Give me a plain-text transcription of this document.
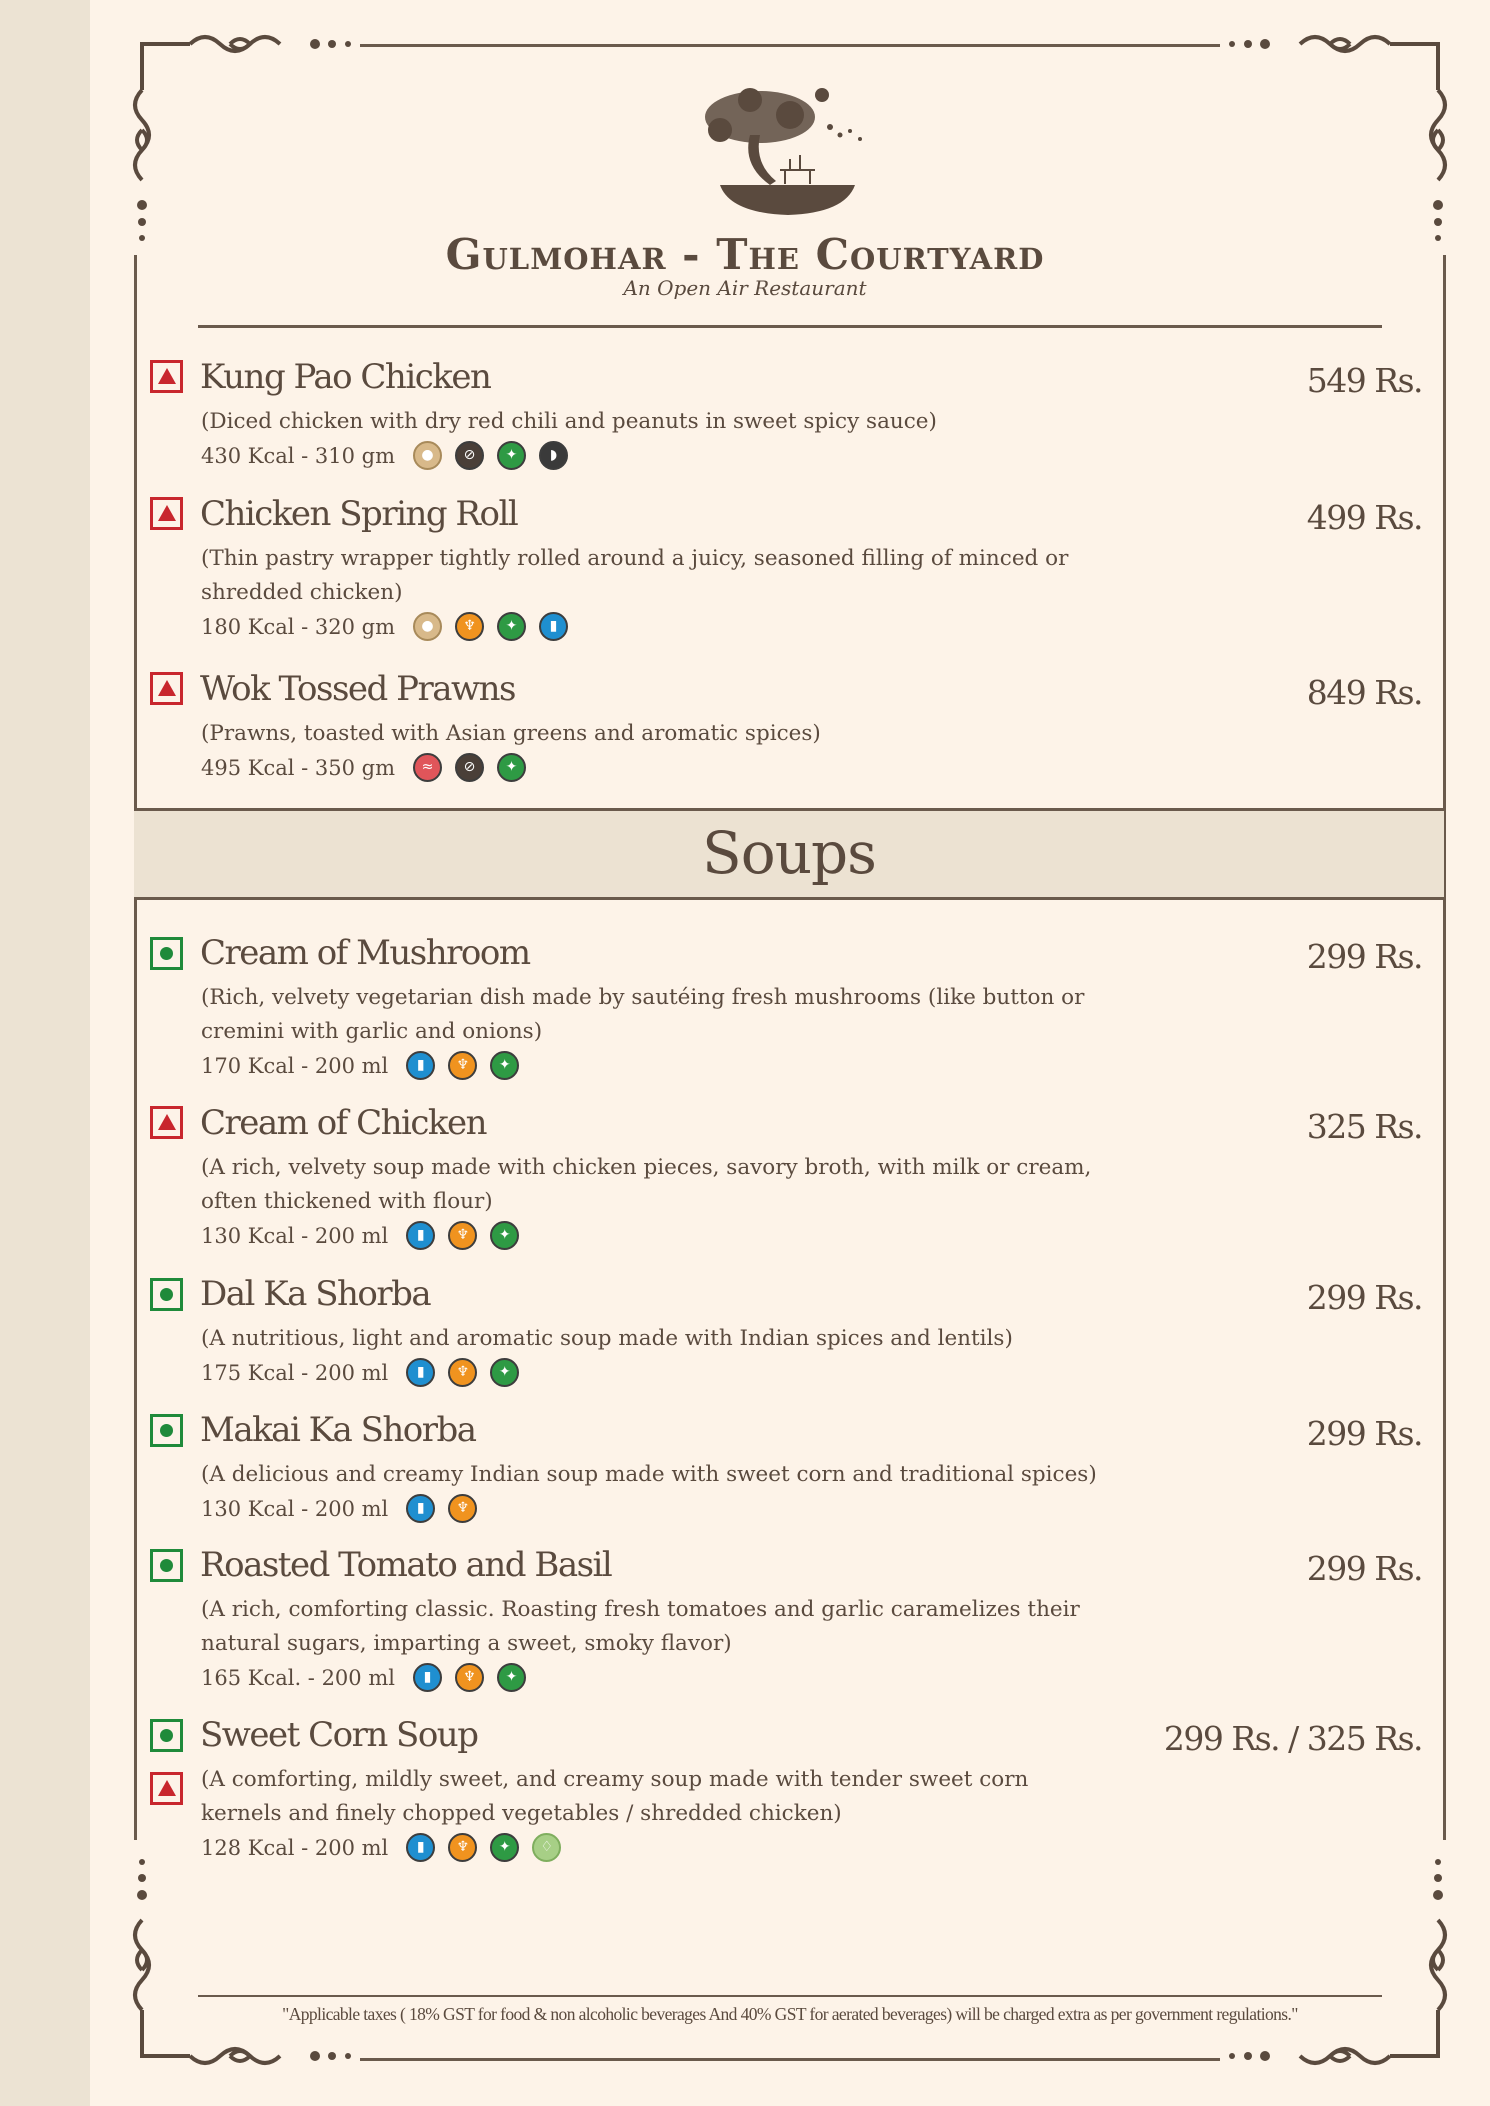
Gulmohar - The Courtyard
An Open Air Restaurant
Kung Pao Chicken	549 Rs.
(Diced chicken with dry red chili and peanuts in sweet spicy sauce)
430 Kcal - 310 gm	●	⊘	✦	◗
Chicken Spring Roll	499 Rs.
(Thin pastry wrapper tightly rolled around a juicy, seasoned filling of minced or shredded chicken)
180 Kcal - 320 gm	●	♆	✦	▮
Wok Tossed Prawns	849 Rs.
(Prawns, toasted with Asian greens and aromatic spices)
495 Kcal - 350 gm	≈	⊘	✦
Soups
Cream of Mushroom	299 Rs.
(Rich, velvety vegetarian dish made by sautéing fresh mushrooms (like button or cremini with garlic and onions)
170 Kcal - 200 ml	▮	♆	✦
Cream of Chicken	325 Rs.
(A rich, velvety soup made with chicken pieces, savory broth, with milk or cream, often thickened with flour)
130 Kcal - 200 ml	▮	♆	✦
Dal Ka Shorba	299 Rs.
(A nutritious, light and aromatic soup made with Indian spices and lentils)
175 Kcal - 200 ml	▮	♆	✦
Makai Ka Shorba	299 Rs.
(A delicious and creamy Indian soup made with sweet corn and traditional spices)
130 Kcal - 200 ml	▮	♆
Roasted Tomato and Basil	299 Rs.
(A rich, comforting classic. Roasting fresh tomatoes and garlic caramelizes their natural sugars, imparting a sweet, smoky flavor)
165 Kcal. - 200 ml	▮	♆	✦
Sweet Corn Soup	299 Rs. / 325 Rs.
(A comforting, mildly sweet, and creamy soup made with tender sweet corn kernels and finely chopped vegetables / shredded chicken)
128 Kcal - 200 ml	▮	♆	✦	♢
"Applicable taxes ( 18% GST for food & non alcoholic beverages And 40% GST for aerated beverages) will be charged extra as per government regulations."
